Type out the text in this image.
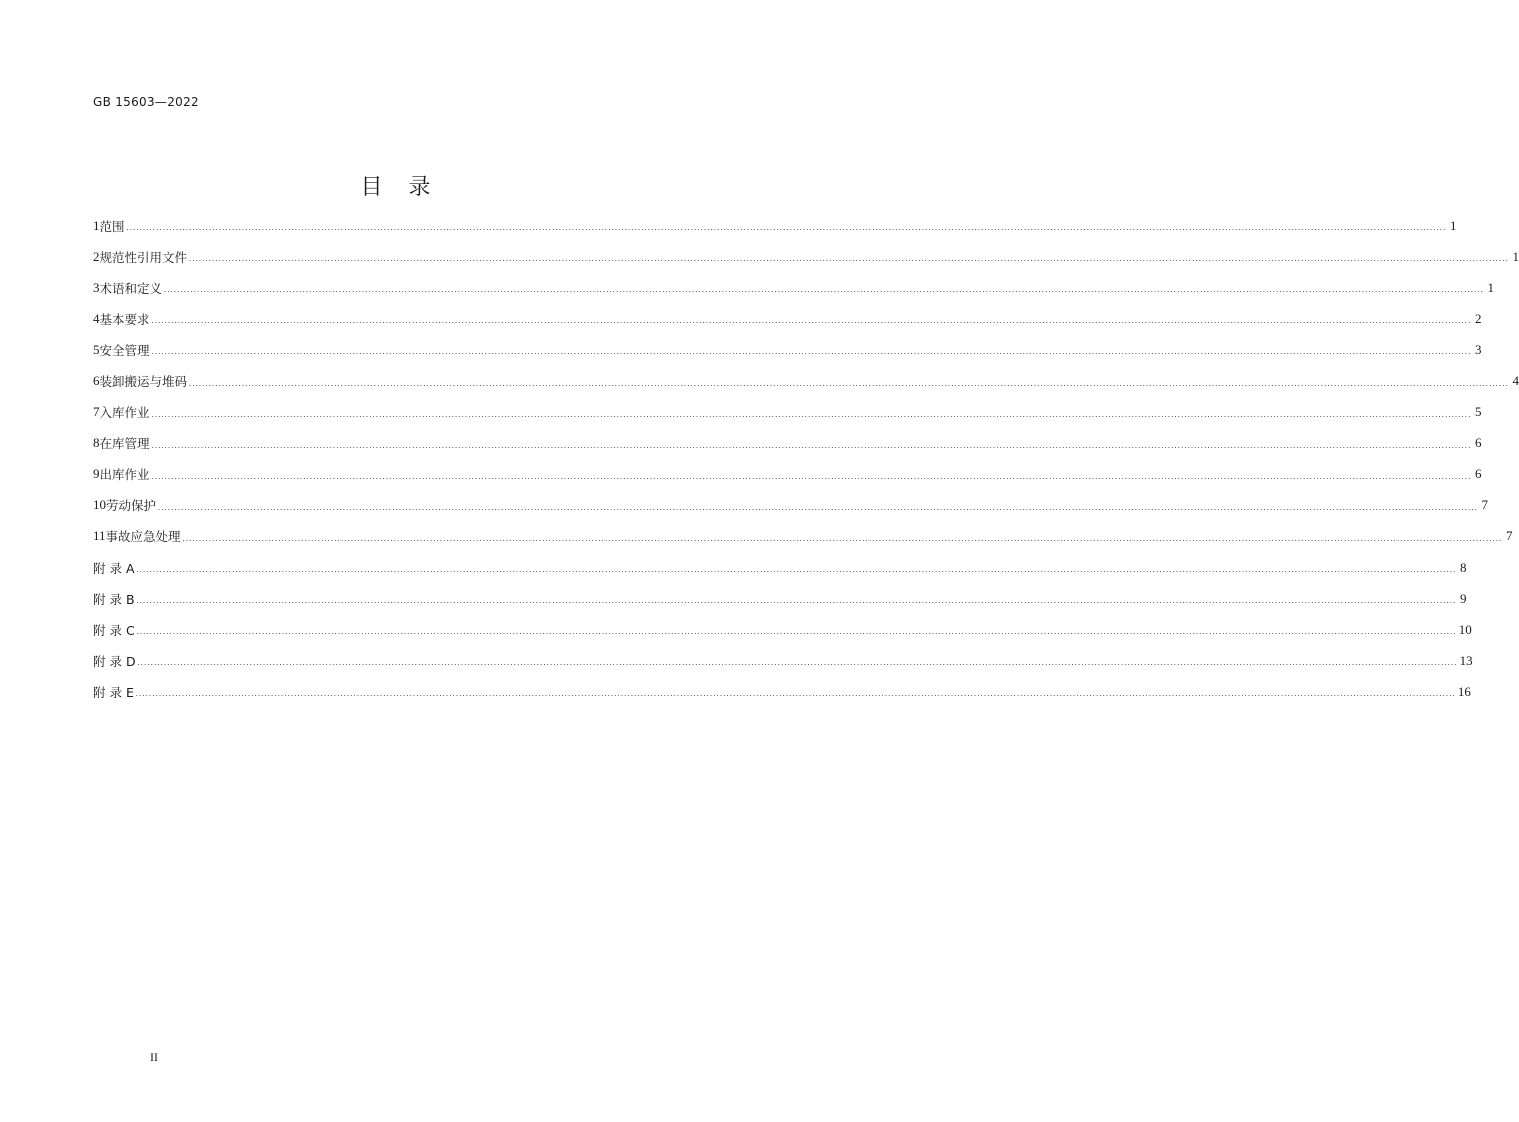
GB 15603—2022
目　录
1 范围 ................................................................................................................................................................................................................................................................................................................................................................................................................ 1
2 规范性引用文件 ................................................................................................................................................................................................................................................................................................................................................................................................................ 1
3 术语和定义 ................................................................................................................................................................................................................................................................................................................................................................................................................ 1
4 基本要求 ................................................................................................................................................................................................................................................................................................................................................................................................................ 2
5 安全管理 ................................................................................................................................................................................................................................................................................................................................................................................................................ 3
6 装卸搬运与堆码 ................................................................................................................................................................................................................................................................................................................................................................................................................ 4
7 入库作业 ................................................................................................................................................................................................................................................................................................................................................................................................................ 5
8 在库管理 ................................................................................................................................................................................................................................................................................................................................................................................................................ 6
9 出库作业 ................................................................................................................................................................................................................................................................................................................................................................................................................ 6
10 劳动保护 ................................................................................................................................................................................................................................................................................................................................................................................................................ 7
11 事故应急处理 ................................................................................................................................................................................................................................................................................................................................................................................................................ 7
附 录 A ................................................................................................................................................................................................................................................................................................................................................................................................................ 8
附 录 B ................................................................................................................................................................................................................................................................................................................................................................................................................ 9
附 录 C ................................................................................................................................................................................................................................................................................................................................................................................................................ 10
附 录 D ................................................................................................................................................................................................................................................................................................................................................................................................................ 13
附 录 E ................................................................................................................................................................................................................................................................................................................................................................................................................ 16
II
